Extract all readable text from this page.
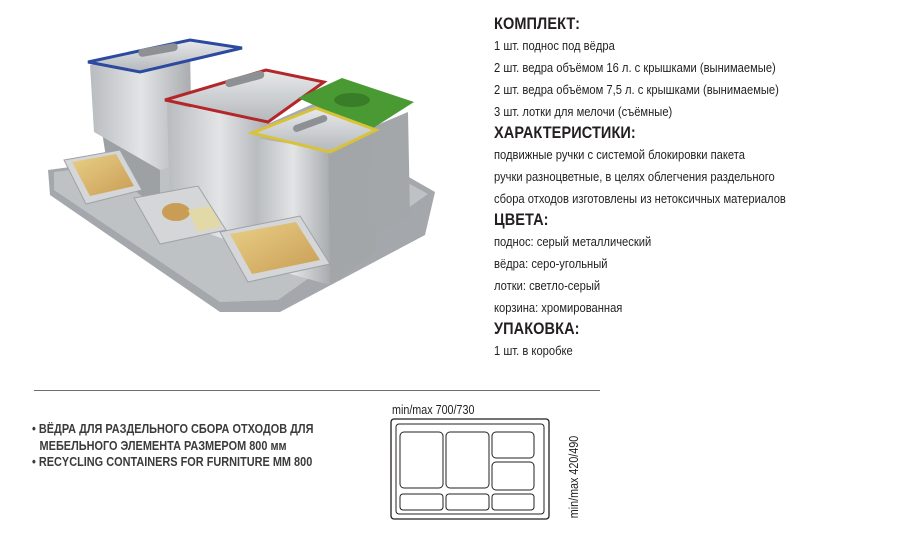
КОМПЛЕКТ:
1 шт. поднос под вёдра
2 шт. ведра объёмом 16 л. с крышками (вынимаемые)
2 шт. ведра объёмом 7,5 л. с крышками (вынимаемые)
3 шт. лотки для мелочи (съёмные)
ХАРАКТЕРИСТИКИ:
подвижные ручки с системой блокировки пакета
ручки разноцветные, в целях облегчения раздельного
сбора отходов изготовлены из нетоксичных материалов
ЦВЕТА:
поднос: серый металлический
вёдра: серо-угольный
лотки: светло-серый
корзина: хромированная
УПАКОВКА:
1 шт. в коробке
• ВЁДРА ДЛЯ РАЗДЕЛЬНОГО СБОРА ОТХОДОВ ДЛЯ
МЕБЕЛЬНОГО ЭЛЕМЕНТА РАЗМЕРОМ 800 мм
• RECYCLING CONTAINERS FOR FURNITURE MM 800
min/max 700/730
min/max 420/490
